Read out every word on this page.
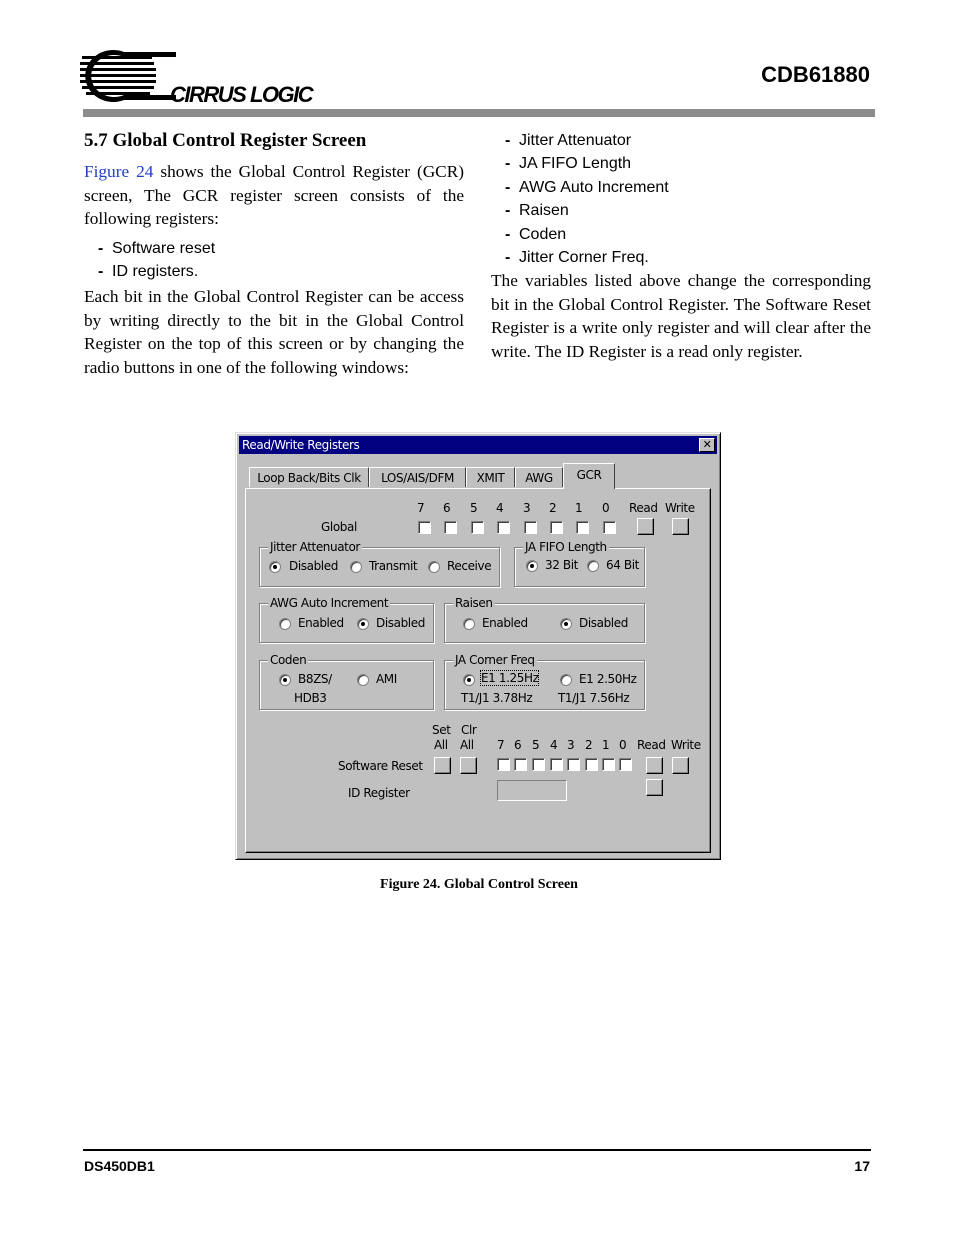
CIRRUS LOGIC
CDB61880
5.7 Global Control Register Screen

Figure 24 shows the Global Control Register (GCR) screen, The GCR register screen consists of the following registers:

- Software reset
- ID registers.

Each bit in the Global Control Register can be access by writing directly to the bit in the Global Control Register on the top of this screen or by changing the radio buttons in one of the following windows:

- Jitter Attenuator
- JA FIFO Length
- AWG Auto Increment
- Raisen
- Coden
- Jitter Corner Freq.

The variables listed above change the corresponding bit in the Global Control Register. The Software Reset Register is a write only register and will clear after the write. The ID Register is a read only register.

Read/Write Registers	✕
Loop Back/Bits Clk	LOS/AIS/DFM	XMIT	AWG	GCR
7 6 5 4 3 2 1 0 Read Write
Global
Jitter Attenuator
Disabled	Transmit Receive
JA FIFO Length
32 Bit 64 Bit
AWG Auto Increment
Enabled	Disabled
Raisen
Enabled	Disabled
Coden
B8ZS/
HDB3
AMI
JA Corner Freq
E1 1.25Hz
T1/J1 3.78Hz
E1 2.50Hz
T1/J1 7.56Hz
Set Clr
All All 7 6 5 4 3 2 1 0 Read Write
Software Reset
ID Register
Figure 24. Global Control Screen
DS450DB1	17
